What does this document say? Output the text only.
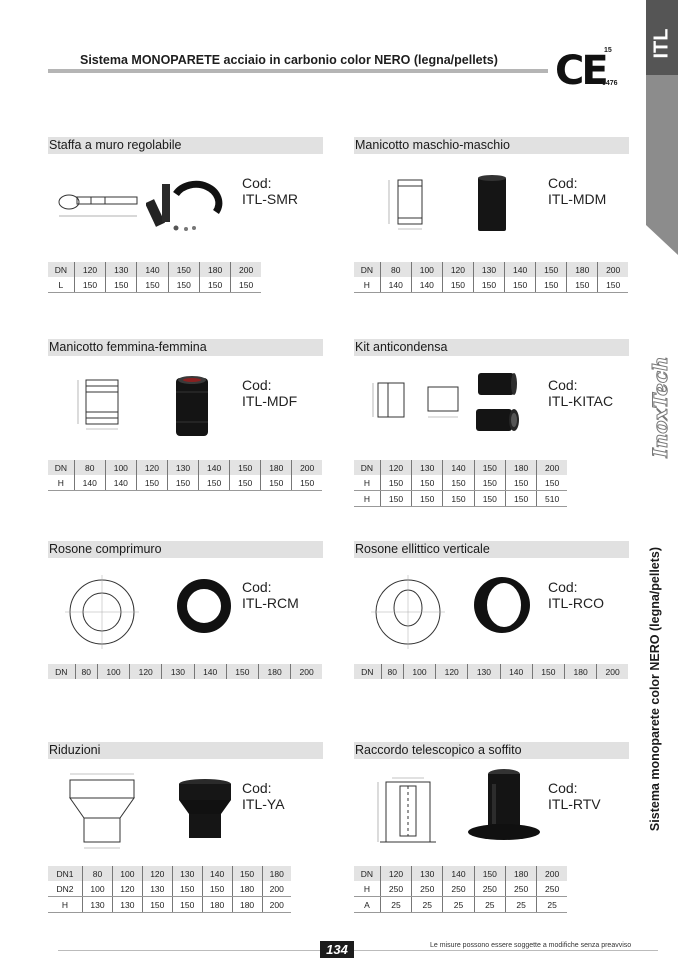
Sistema MONOPARETE acciaio in carbonio color NERO (legna/pellets) CE
15
0476
ITL
InoxTech
Sistema monoparete color NERO (legna/pellets)
Staffa a muro regolabile
Cod:
ITL-SMR
DN	120	130	140	150	180	200
L	150	150	150	150	150	150
Manicotto maschio-maschio
Cod:
ITL-MDM
DN	80	100	120	130	140	150	180	200
H	140	140	150	150	150	150	150	150
Manicotto femmina-femmina
Cod:
ITL-MDF
DN	80	100	120	130	140	150	180	200
H	140	140	150	150	150	150	150	150
Kit anticondensa
Cod:
ITL-KITAC
DN	120	130	140	150	180	200
H	150	150	150	150	150	150
H	150	150	150	150	150	510
Rosone comprimuro
Cod:
ITL-RCM
DN	80	100	120	130	140	150	180	200
Rosone ellittico verticale
Cod:
ITL-RCO
DN	80	100	120	130	140	150	180	200
Riduzioni
Cod:
ITL-YA
DN1	80	100	120	130	140	150	180
DN2	100	120	130	150	150	180	200
H	130	130	150	150	180	180	200
Raccordo telescopico a soffito
Cod:
ITL-RTV
DN	120	130	140	150	180	200
H	250	250	250	250	250	250
A	25	25	25	25	25	25
134	Le misure possono essere soggette a modifiche senza preavviso
